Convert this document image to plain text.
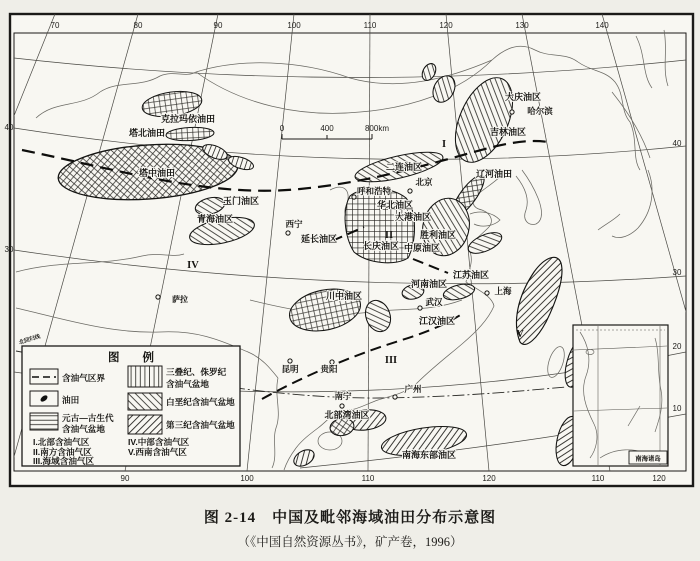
北回归线
0	400	800km
克拉玛依油田
塔北油田
塔中油田
玉门油区
青海油区	西宁
延长油区
长庆油区
川中油区
大庆油区
哈尔滨
吉林油区
二连油区
北京
辽河油田
呼和浩特
华北油区
大港油区
胜利油区
中原油区
河南油区
江苏油区
上海
武汉
江汉油区
昆明	贵阳
南宁
广州
北部湾油区
南海东部油区
萨拉
I
II
III
IV
V
70	80	90	100	110	120	130	140
90	100	110	120	110	120
40
30
40
30
20
10
图　　例
含油气区界
油田
元古—古生代
含油气盆地
三叠纪、侏罗纪
含油气盆地
白垩纪含油气盆地
第三纪含油气盆地
I.北部含油气区
II.南方含油气区
III.海域含油气区
IV.中部含油气区
V.西南含油气区
南海诸岛

图 2-14　中国及毗邻海域油田分布示意图

（《中国自然资源丛书》，矿产卷，1996）
